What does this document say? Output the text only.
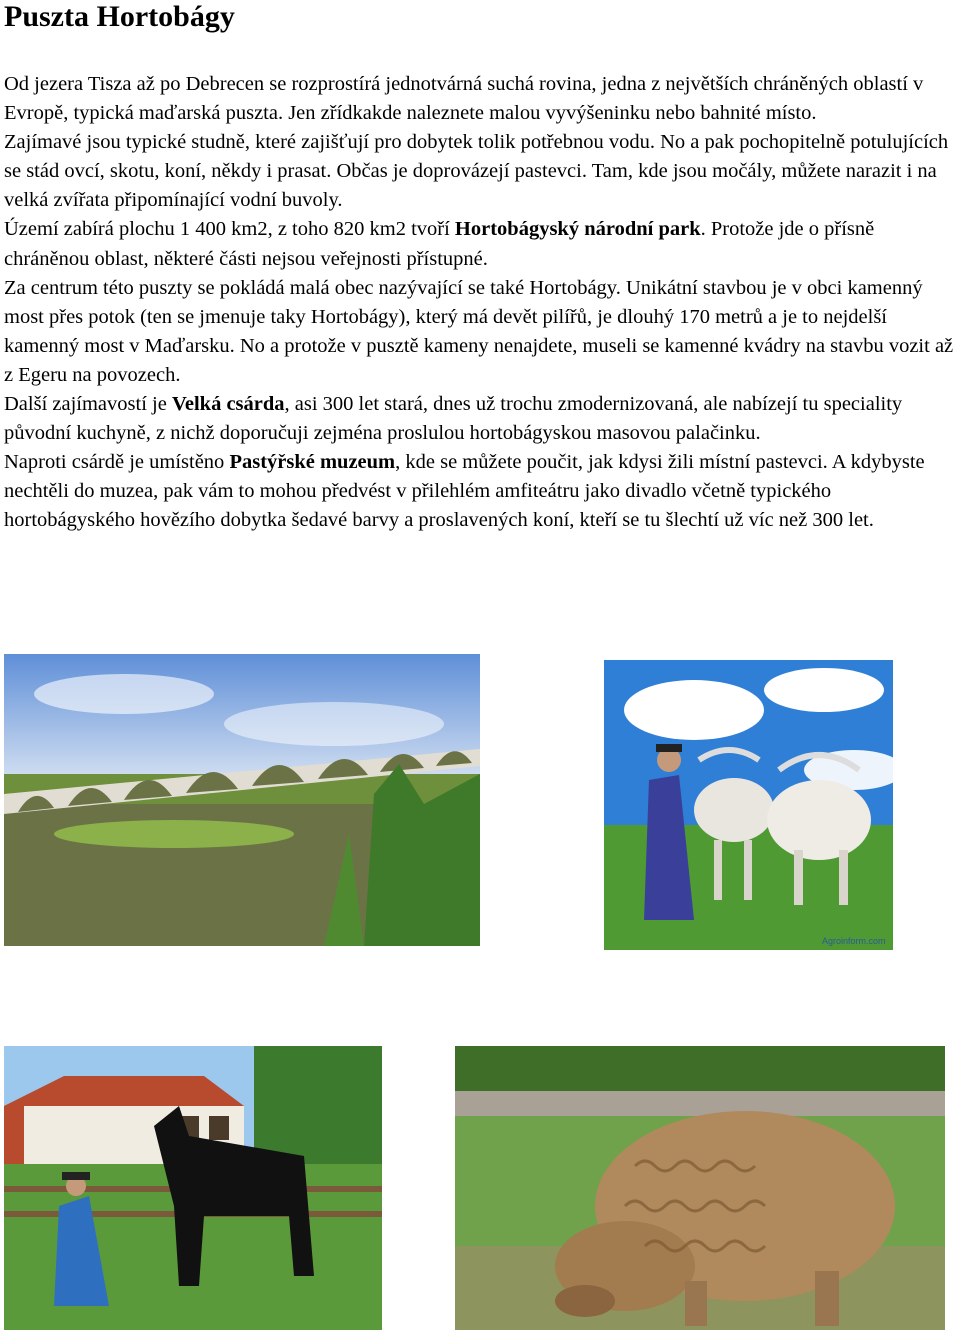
Puszta Hortobágy

Od jezera Tisza až po Debrecen se rozprostírá jednotvárná suchá rovina, jedna z největších chráněných oblastí v Evropě, typická maďarská puszta. Jen zřídkakde naleznete malou vyvýšeninku nebo bahnité místo.

Zajímavé jsou typické studně, které zajišťují pro dobytek tolik potřebnou vodu. No a pak pochopitelně potulujících se stád ovcí, skotu, koní, někdy i prasat. Občas je doprovázejí pastevci. Tam, kde jsou močály, můžete narazit i na velká zvířata připomínající vodní buvoly.

Území zabírá plochu 1 400 km2, z toho 820 km2 tvoří Hortobágyský národní park. Protože jde o přísně chráněnou oblast, některé části nejsou veřejnosti přístupné.

Za centrum této puszty se pokládá malá obec nazývající se také Hortobágy. Unikátní stavbou je v obci kamenný most přes potok (ten se jmenuje taky Hortobágy), který má devět pilířů, je dlouhý 170 metrů a je to nejdelší kamenný most v Maďarsku. No a protože v pusztě kameny nenajdete, museli se kamenné kvádry na stavbu vozit až z Egeru na povozech.

Další zajímavostí je Velká csárda, asi 300 let stará, dnes už trochu zmodernizovaná, ale nabízejí tu speciality původní kuchyně, z nichž doporučuji zejména proslulou hortobágyskou masovou palačinku.

Naproti csárdě je umístěno Pastýřské muzeum, kde se můžete poučit, jak kdysi žili místní pastevci. A kdybyste nechtěli do muzea, pak vám to mohou předvést v přilehlém amfiteátru jako divadlo včetně typického hortobágyského hovězího dobytka šedavé barvy a proslavených koní, kteří se tu šlechtí už víc než 300 let.

Agroinform.com
